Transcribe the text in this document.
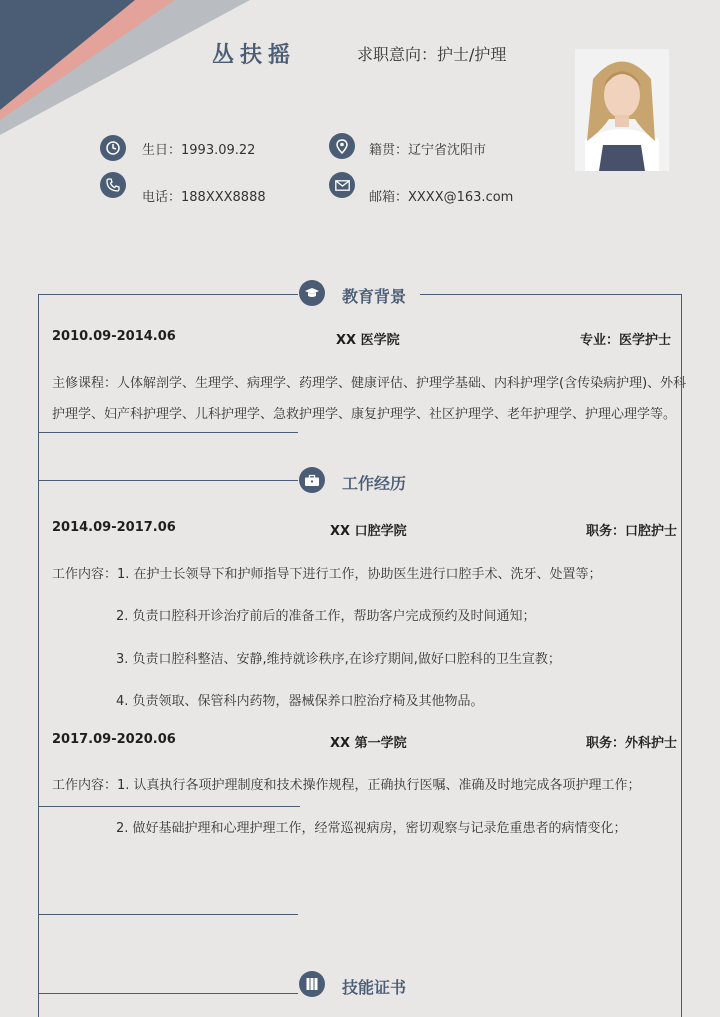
丛扶摇	求职意向：护士/护理
生日：1993.09.22	籍贯：辽宁省沈阳市
电话：188XXX8888	邮箱：XXXX@163.com
教育背景
2010.09-2014.06	XX 医学院	专业：医学护士
主修课程：人体解剖学、生理学、病理学、药理学、健康评估、护理学基础、内科护理学(含传染病护理)、外科
护理学、妇产科护理学、儿科护理学、急救护理学、康复护理学、社区护理学、老年护理学、护理心理学等。
工作经历
2014.09-2017.06	XX 口腔学院	职务：口腔护士
工作内容：1. 在护士长领导下和护师指导下进行工作，协助医生进行口腔手术、洗牙、处置等；
2. 负责口腔科开诊治疗前后的准备工作，帮助客户完成预约及时间通知；
3. 负责口腔科整洁、安静,维持就诊秩序,在诊疗期间,做好口腔科的卫生宣教；
4. 负责领取、保管科内药物，器械保养口腔治疗椅及其他物品。
2017.09-2020.06	XX 第一学院	职务：外科护士
工作内容：1. 认真执行各项护理制度和技术操作规程，正确执行医嘱、准确及时地完成各项护理工作；
2. 做好基础护理和心理护理工作，经常巡视病房，密切观察与记录危重患者的病情变化；
技能证书
